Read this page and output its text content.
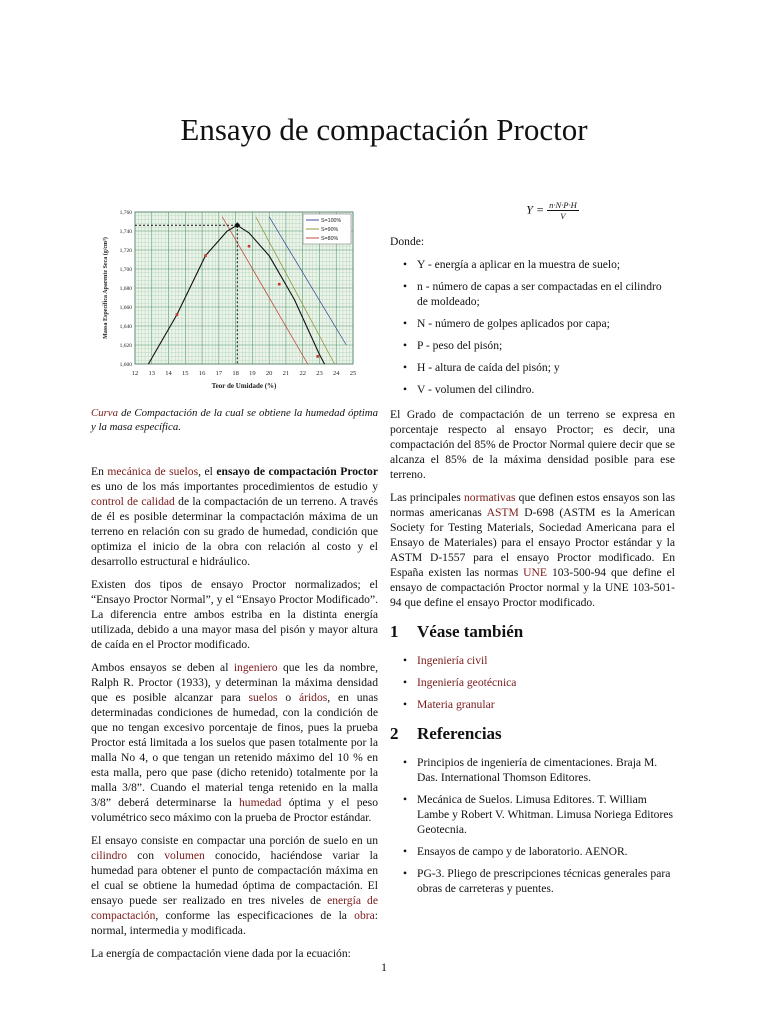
Ensayo de compactación Proctor
12 13 14 15 16 17 18 19 20 21 22 23 24 25
1,600
1,620
1,640
1,660
1,680
1,700
1,720
1,740
1,760
Teor de Umidade (%)
Massa Específica Aparente Seca (g/cm³)
S=100%
S=90%
S=80%

Curva de Compactación de la cual se obtiene la humedad óptima y la masa específica.

En mecánica de suelos, el ensayo de compactación Proctor es uno de los más importantes procedimientos de estudio y control de calidad de la compactación de un terreno. A través de él es posible determinar la compactación máxima de un terreno en relación con su grado de humedad, condición que optimiza el inicio de la obra con relación al costo y el desarrollo estructural e hidráulico.

Existen dos tipos de ensayo Proctor normalizados; el “Ensayo Proctor Normal”, y el “Ensayo Proctor Modificado”. La diferencia entre ambos estriba en la distinta energía utilizada, debido a una mayor masa del pisón y mayor altura de caída en el Proctor modificado.

Ambos ensayos se deben al ingeniero que les da nombre, Ralph R. Proctor (1933), y determinan la máxima densidad que es posible alcanzar para suelos o áridos, en unas determinadas condiciones de humedad, con la condición de que no tengan excesivo porcentaje de finos, pues la prueba Proctor está limitada a los suelos que pasen totalmente por la malla No 4, o que tengan un retenido máximo del 10 % en esta malla, pero que pase (dicho retenido) totalmente por la malla 3/8”. Cuando el material tenga retenido en la malla 3/8” deberá determinarse la humedad óptima y el peso volumétrico seco máximo con la prueba de Proctor estándar.

El ensayo consiste en compactar una porción de suelo en un cilindro con volumen conocido, haciéndose variar la humedad para obtener el punto de compactación máxima en el cual se obtiene la humedad óptima de compactación. El ensayo puede ser realizado en tres niveles de energía de compactación, conforme las especificaciones de la obra: normal, intermedia y modificada.

La energía de compactación viene dada por la ecuación:

$Y = \frac{n\cdot N\cdot P\cdot H}{V}$

Donde:

• Y - energía a aplicar en la muestra de suelo;
• n - número de capas a ser compactadas en el cilindro de moldeado;
• N - número de golpes aplicados por capa;
• P - peso del pisón;
• H - altura de caída del pisón; y
• V - volumen del cilindro.

El Grado de compactación de un terreno se expresa en porcentaje respecto al ensayo Proctor; es decir, una compactación del 85% de Proctor Normal quiere decir que se alcanza el 85% de la máxima densidad posible para ese terreno.

Las principales normativas que definen estos ensayos son las normas americanas ASTM D-698 (ASTM es la American Society for Testing Materials, Sociedad Americana para el Ensayo de Materiales) para el ensayo Proctor estándar y la ASTM D-1557 para el ensayo Proctor modificado. En España existen las normas UNE 103-500-94 que define el ensayo de compactación Proctor normal y la UNE 103-501-94 que define el ensayo Proctor modificado.

1 Véase también
• Ingeniería civil
• Ingeniería geotécnica
• Materia granular
2 Referencias
• Principios de ingeniería de cimentaciones. Braja M. Das. International Thomson Editores.
• Mecánica de Suelos. Limusa Editores. T. William Lambe y Robert V. Whitman. Limusa Noriega Editores Geotecnia.
• Ensayos de campo y de laboratorio. AENOR.
• PG-3. Pliego de prescripciones técnicas generales para obras de carreteras y puentes.
1
